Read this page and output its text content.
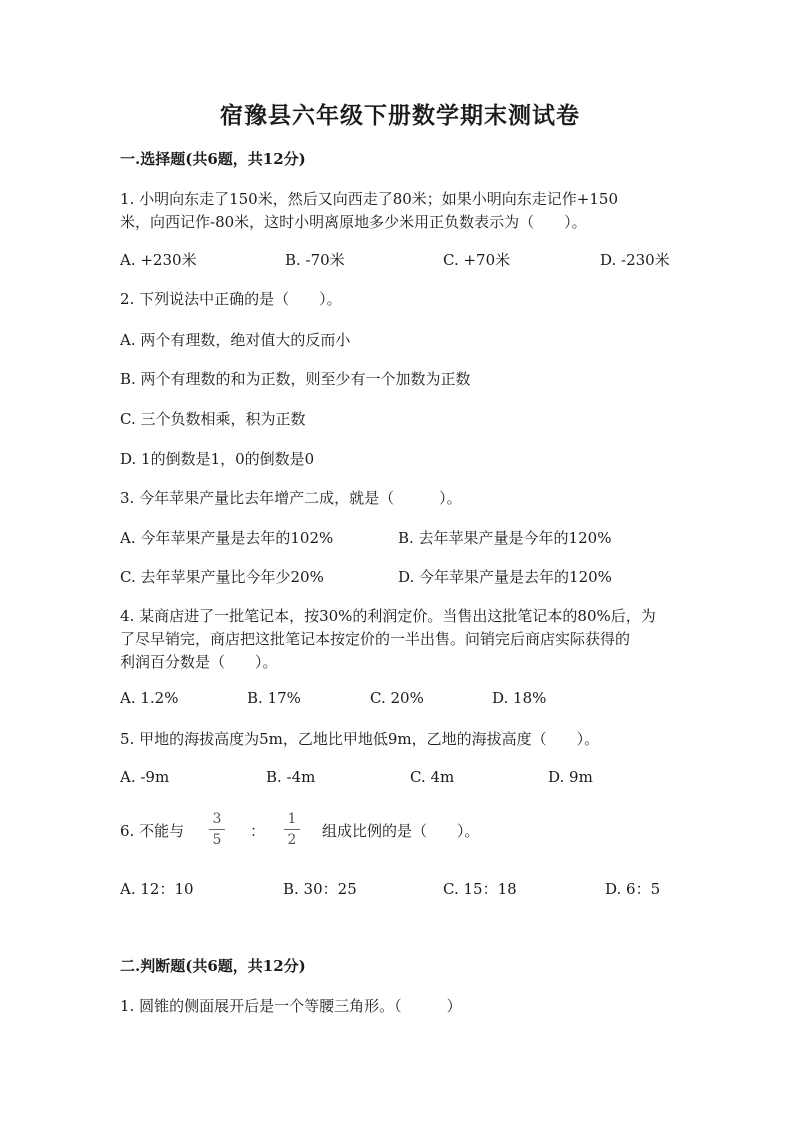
宿豫县六年级下册数学期末测试卷
一.选择题(共6题，共12分)
1. 小明向东走了150米，然后又向西走了80米；如果小明向东走记作+150
米，向西记作-80米，这时小明离原地多少米用正负数表示为（　　）。
A. +230米	B. -70米	C. +70米	D. -230米
2. 下列说法中正确的是（　　）。
A. 两个有理数，绝对值大的反而小
B. 两个有理数的和为正数，则至少有一个加数为正数
C. 三个负数相乘，积为正数
D. 1的倒数是1，0的倒数是0
3. 今年苹果产量比去年增产二成，就是（　　　）。
A. 今年苹果产量是去年的102%	B. 去年苹果产量是今年的120%
C. 去年苹果产量比今年少20%	D. 今年苹果产量是去年的120%
4. 某商店进了一批笔记本，按30%的利润定价。当售出这批笔记本的80%后，为
了尽早销完，商店把这批笔记本按定价的一半出售。问销完后商店实际获得的
利润百分数是（　　）。
A. 1.2%	B. 17%	C. 20%	D. 18%
5. 甲地的海拔高度为5m，乙地比甲地低9m，乙地的海拔高度（　　）。
A. -9m	B. -4m	C. 4m	D. 9m
6. 不能与
3
5 ：
1
2 组成比例的是（　　）。
A. 12：10	B. 30：25	C. 15：18	D. 6：5
二.判断题(共6题，共12分)
1. 圆锥的侧面展开后是一个等腰三角形。（　　　）
